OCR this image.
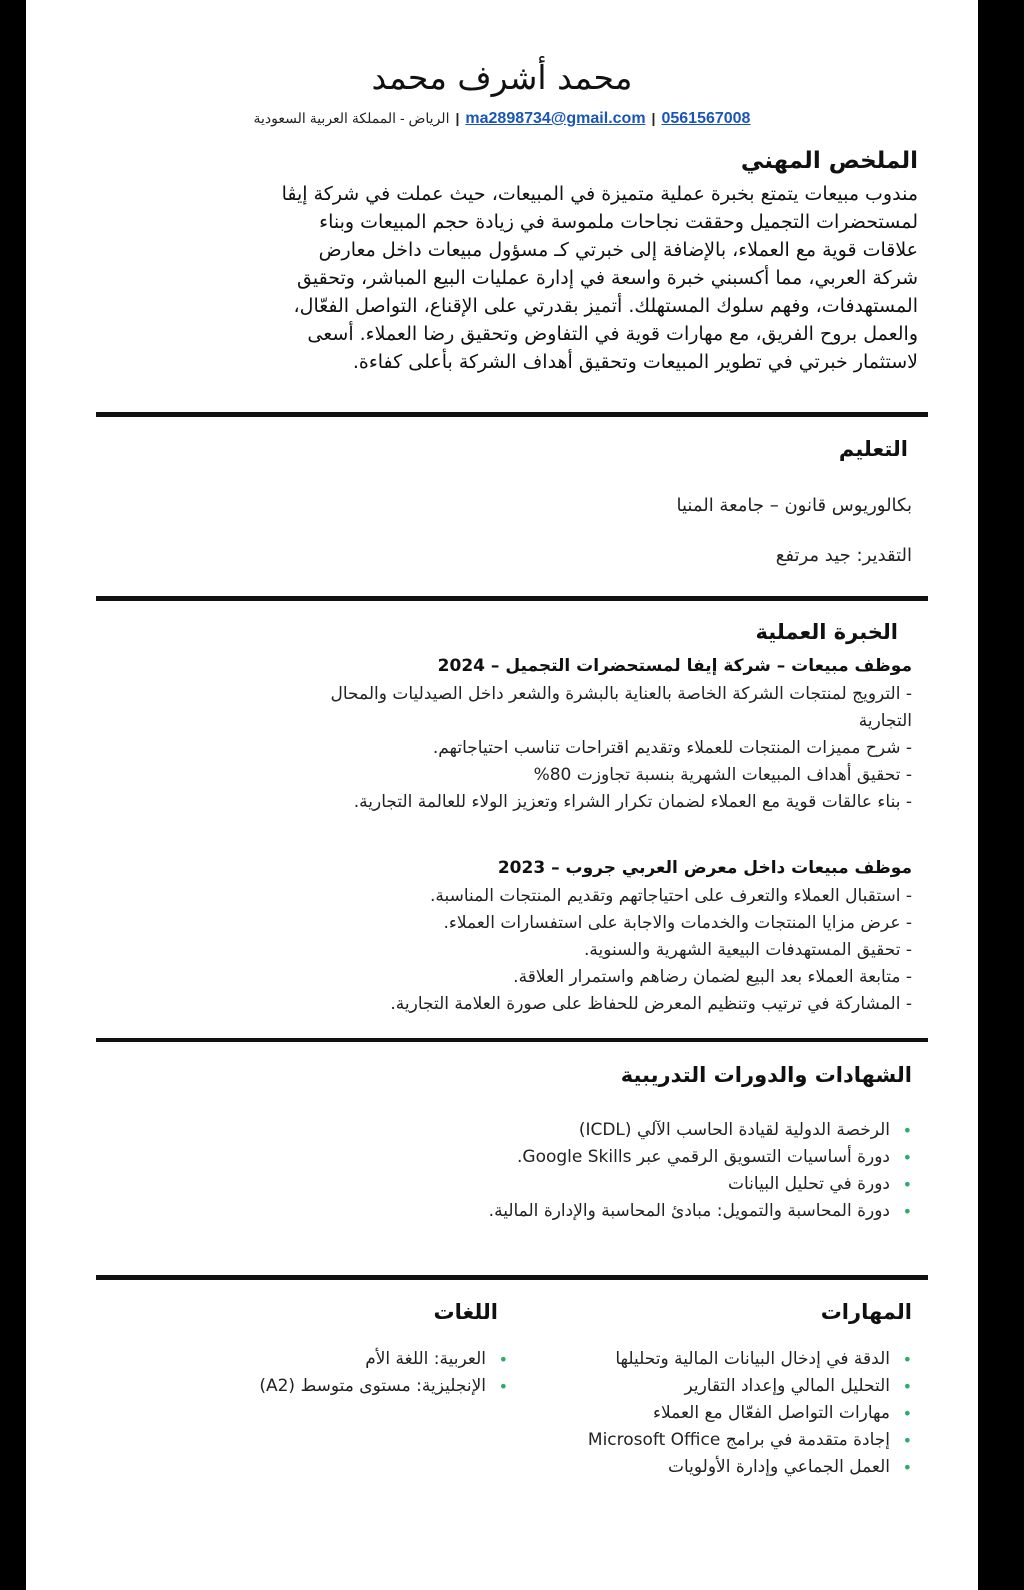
محمد أشرف محمد
0561567008|ma2898734@gmail.com|الرياض - المملكة العربية السعودية
الملخص المهني
مندوب مبيعات يتمتع بخبرة عملية متميزة في المبيعات، حيث عملت في شركة إيڤا
لمستحضرات التجميل وحققت نجاحات ملموسة في زيادة حجم المبيعات وبناء
علاقات قوية مع العملاء، بالإضافة إلى خبرتي كـ مسؤول مبيعات داخل معارض
شركة العربي، مما أكسبني خبرة واسعة في إدارة عمليات البيع المباشر، وتحقيق
المستهدفات، وفهم سلوك المستهلك. أتميز بقدرتي على الإقناع، التواصل الفعّال،
والعمل بروح الفريق، مع مهارات قوية في التفاوض وتحقيق رضا العملاء. أسعى
لاستثمار خبرتي في تطوير المبيعات وتحقيق أهداف الشركة بأعلى كفاءة.
التعليم
بكالوريوس قانون – جامعة المنيا
التقدير: جيد مرتفع
الخبرة العملية
موظف مبيعات – شركة إيفا لمستحضرات التجميل – 2024
- الترويج لمنتجات الشركة الخاصة بالعناية بالبشرة والشعر داخل الصيدليات والمحال
التجارية
- شرح مميزات المنتجات للعملاء وتقديم اقتراحات تناسب احتياجاتهم.
- تحقيق أهداف المبيعات الشهرية بنسبة تجاوزت 80%
- بناء عالقات قوية مع العملاء لضمان تكرار الشراء وتعزيز الولاء للعالمة التجارية.
موظف مبيعات داخل معرض العربي جروب – 2023
- استقبال العملاء والتعرف على احتياجاتهم وتقديم المنتجات المناسبة.
- عرض مزايا المنتجات والخدمات والاجابة على استفسارات العملاء.
- تحقيق المستهدفات البيعية الشهرية والسنوية.
- متابعة العملاء بعد البيع لضمان رضاهم واستمرار العلاقة.
- المشاركة في ترتيب وتنظيم المعرض للحفاظ على صورة العلامة التجارية.
الشهادات والدورات التدريبية
• الرخصة الدولية لقيادة الحاسب الآلي (ICDL)
• دورة أساسيات التسويق الرقمي عبر Google Skills.
• دورة في تحليل البيانات
• دورة المحاسبة والتمويل: مبادئ المحاسبة والإدارة المالية.
المهارات
• الدقة في إدخال البيانات المالية وتحليلها
• التحليل المالي وإعداد التقارير
• مهارات التواصل الفعّال مع العملاء
• إجادة متقدمة في برامج Microsoft Office
• العمل الجماعي وإدارة الأولويات
اللغات
• العربية: اللغة الأم
• الإنجليزية: مستوى متوسط (A2)
